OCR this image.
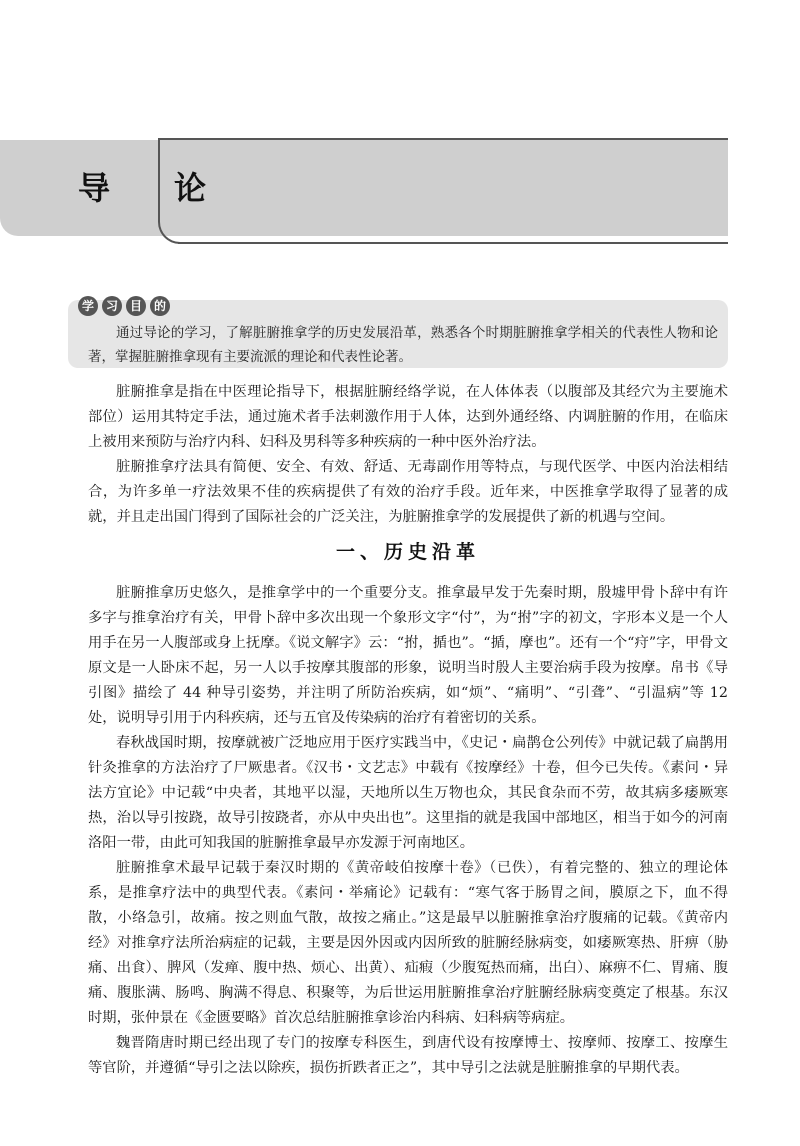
导论
学 习 目 的

通过导论的学习，了解脏腑推拿学的历史发展沿革，熟悉各个时期脏腑推拿学相关的代表性人物和论著，掌握脏腑推拿现有主要流派的理论和代表性论著。

脏腑推拿是指在中医理论指导下，根据脏腑经络学说，在人体体表（以腹部及其经穴为主要施术部位）运用其特定手法，通过施术者手法刺激作用于人体，达到外通经络、内调脏腑的作用，在临床上被用来预防与治疗内科、妇科及男科等多种疾病的一种中医外治疗法。

脏腑推拿疗法具有简便、安全、有效、舒适、无毒副作用等特点，与现代医学、中医内治法相结合，为许多单一疗法效果不佳的疾病提供了有效的治疗手段。近年来，中医推拿学取得了显著的成就，并且走出国门得到了国际社会的广泛关注，为脏腑推拿学的发展提供了新的机遇与空间。

一、历史沿革

脏腑推拿历史悠久，是推拿学中的一个重要分支。推拿最早发于先秦时期，殷墟甲骨卜辞中有许多字与推拿治疗有关，甲骨卜辞中多次出现一个象形文字“付”，为“拊”字的初文，字形本义是一个人用手在另一人腹部或身上抚摩。《说文解字》云：“拊，揗也”。“揗，摩也”。还有一个“疛”字，甲骨文原文是一人卧床不起，另一人以手按摩其腹部的形象，说明当时殷人主要治病手段为按摩。帛书《导引图》描绘了 44 种导引姿势，并注明了所防治疾病，如“烦”、“痛明”、“引聋”、“引温病”等 12 处，说明导引用于内科疾病，还与五官及传染病的治疗有着密切的关系。

春秋战国时期，按摩就被广泛地应用于医疗实践当中，《史记・扁鹊仓公列传》中就记载了扁鹊用针灸推拿的方法治疗了尸厥患者。《汉书・文艺志》中载有《按摩经》十卷，但今已失传。《素问・异法方宜论》中记载“中央者，其地平以湿，天地所以生万物也众，其民食杂而不劳，故其病多痿厥寒热，治以导引按跷，故导引按跷者，亦从中央出也”。这里指的就是我国中部地区，相当于如今的河南洛阳一带，由此可知我国的脏腑推拿最早亦发源于河南地区。

脏腑推拿术最早记载于秦汉时期的《黄帝岐伯按摩十卷》（已佚），有着完整的、独立的理论体系，是推拿疗法中的典型代表。《素问・举痛论》记载有：“寒气客于肠胃之间，膜原之下，血不得散，小络急引，故痛。按之则血气散，故按之痛止。”这是最早以脏腑推拿治疗腹痛的记载。《黄帝内经》对推拿疗法所治病症的记载，主要是因外因或内因所致的脏腑经脉病变，如痿厥寒热、肝痹（胁痛、出食）、脾风（发瘅、腹中热、烦心、出黄）、疝瘕（少腹冤热而痛，出白）、麻痹不仁、胃痛、腹痛、腹胀满、肠鸣、胸满不得息、积聚等，为后世运用脏腑推拿治疗脏腑经脉病变奠定了根基。东汉时期，张仲景在《金匮要略》首次总结脏腑推拿诊治内科病、妇科病等病症。

魏晋隋唐时期已经出现了专门的按摩专科医生，到唐代设有按摩博士、按摩师、按摩工、按摩生等官阶，并遵循“导引之法以除疾，损伤折跌者正之”，其中导引之法就是脏腑推拿的早期代表。
